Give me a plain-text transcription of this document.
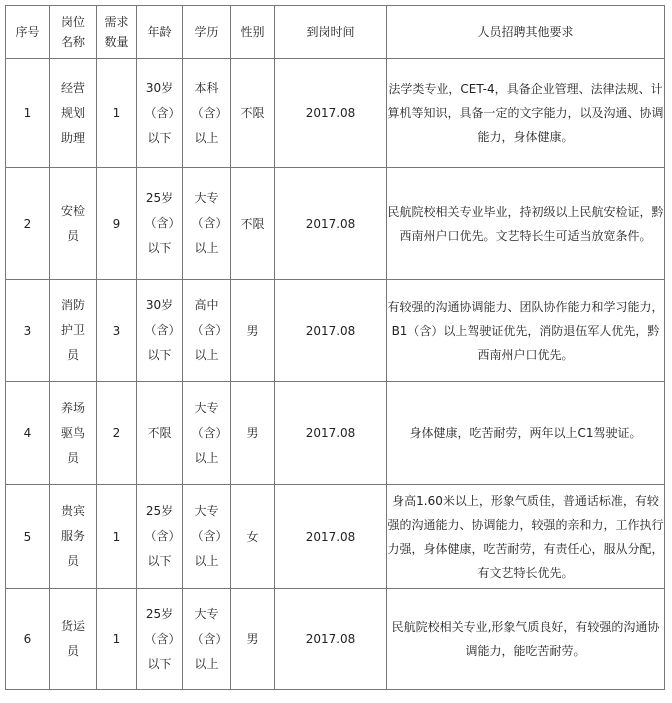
序号	岗位名称	需求数量	年龄	学历	性别	到岗时间	人员招聘其他要求
1	经营规划助理	1	30岁（含）以下	本科（含）以上	不限	2017.08	法学类专业，CET-4，具备企业管理、法律法规、计算机等知识，具备一定的文字能力，以及沟通、协调能力，身体健康。

2	安检员	9	25岁（含）以下	大专（含）以上	不限	2017.08	民航院校相关专业毕业，持初级以上民航安检证，黔西南州户口优先。文艺特长生可适当放宽条件。

3	消防护卫员	3	30岁（含）以下	高中（含）以上	男	2017.08	有较强的沟通协调能力、团队协作能力和学习能力，B1（含）以上驾驶证优先，消防退伍军人优先，黔西南州户口优先。

4	养场驱鸟员	2	不限	大专（含）以上	男	2017.08	身体健康，吃苦耐劳，两年以上C1驾驶证。

5	贵宾服务员	1	25岁（含）以下	大专（含）以上	女	2017.08	身高1.60米以上，形象气质佳，普通话标准，有较强的沟通能力、协调能力，较强的亲和力，工作执行力强，身体健康，吃苦耐劳，有责任心，服从分配，有文艺特长优先。

6	货运员	1	25岁（含）以下	大专（含）以上	男	2017.08	民航院校相关专业,形象气质良好，有较强的沟通协调能力，能吃苦耐劳。
